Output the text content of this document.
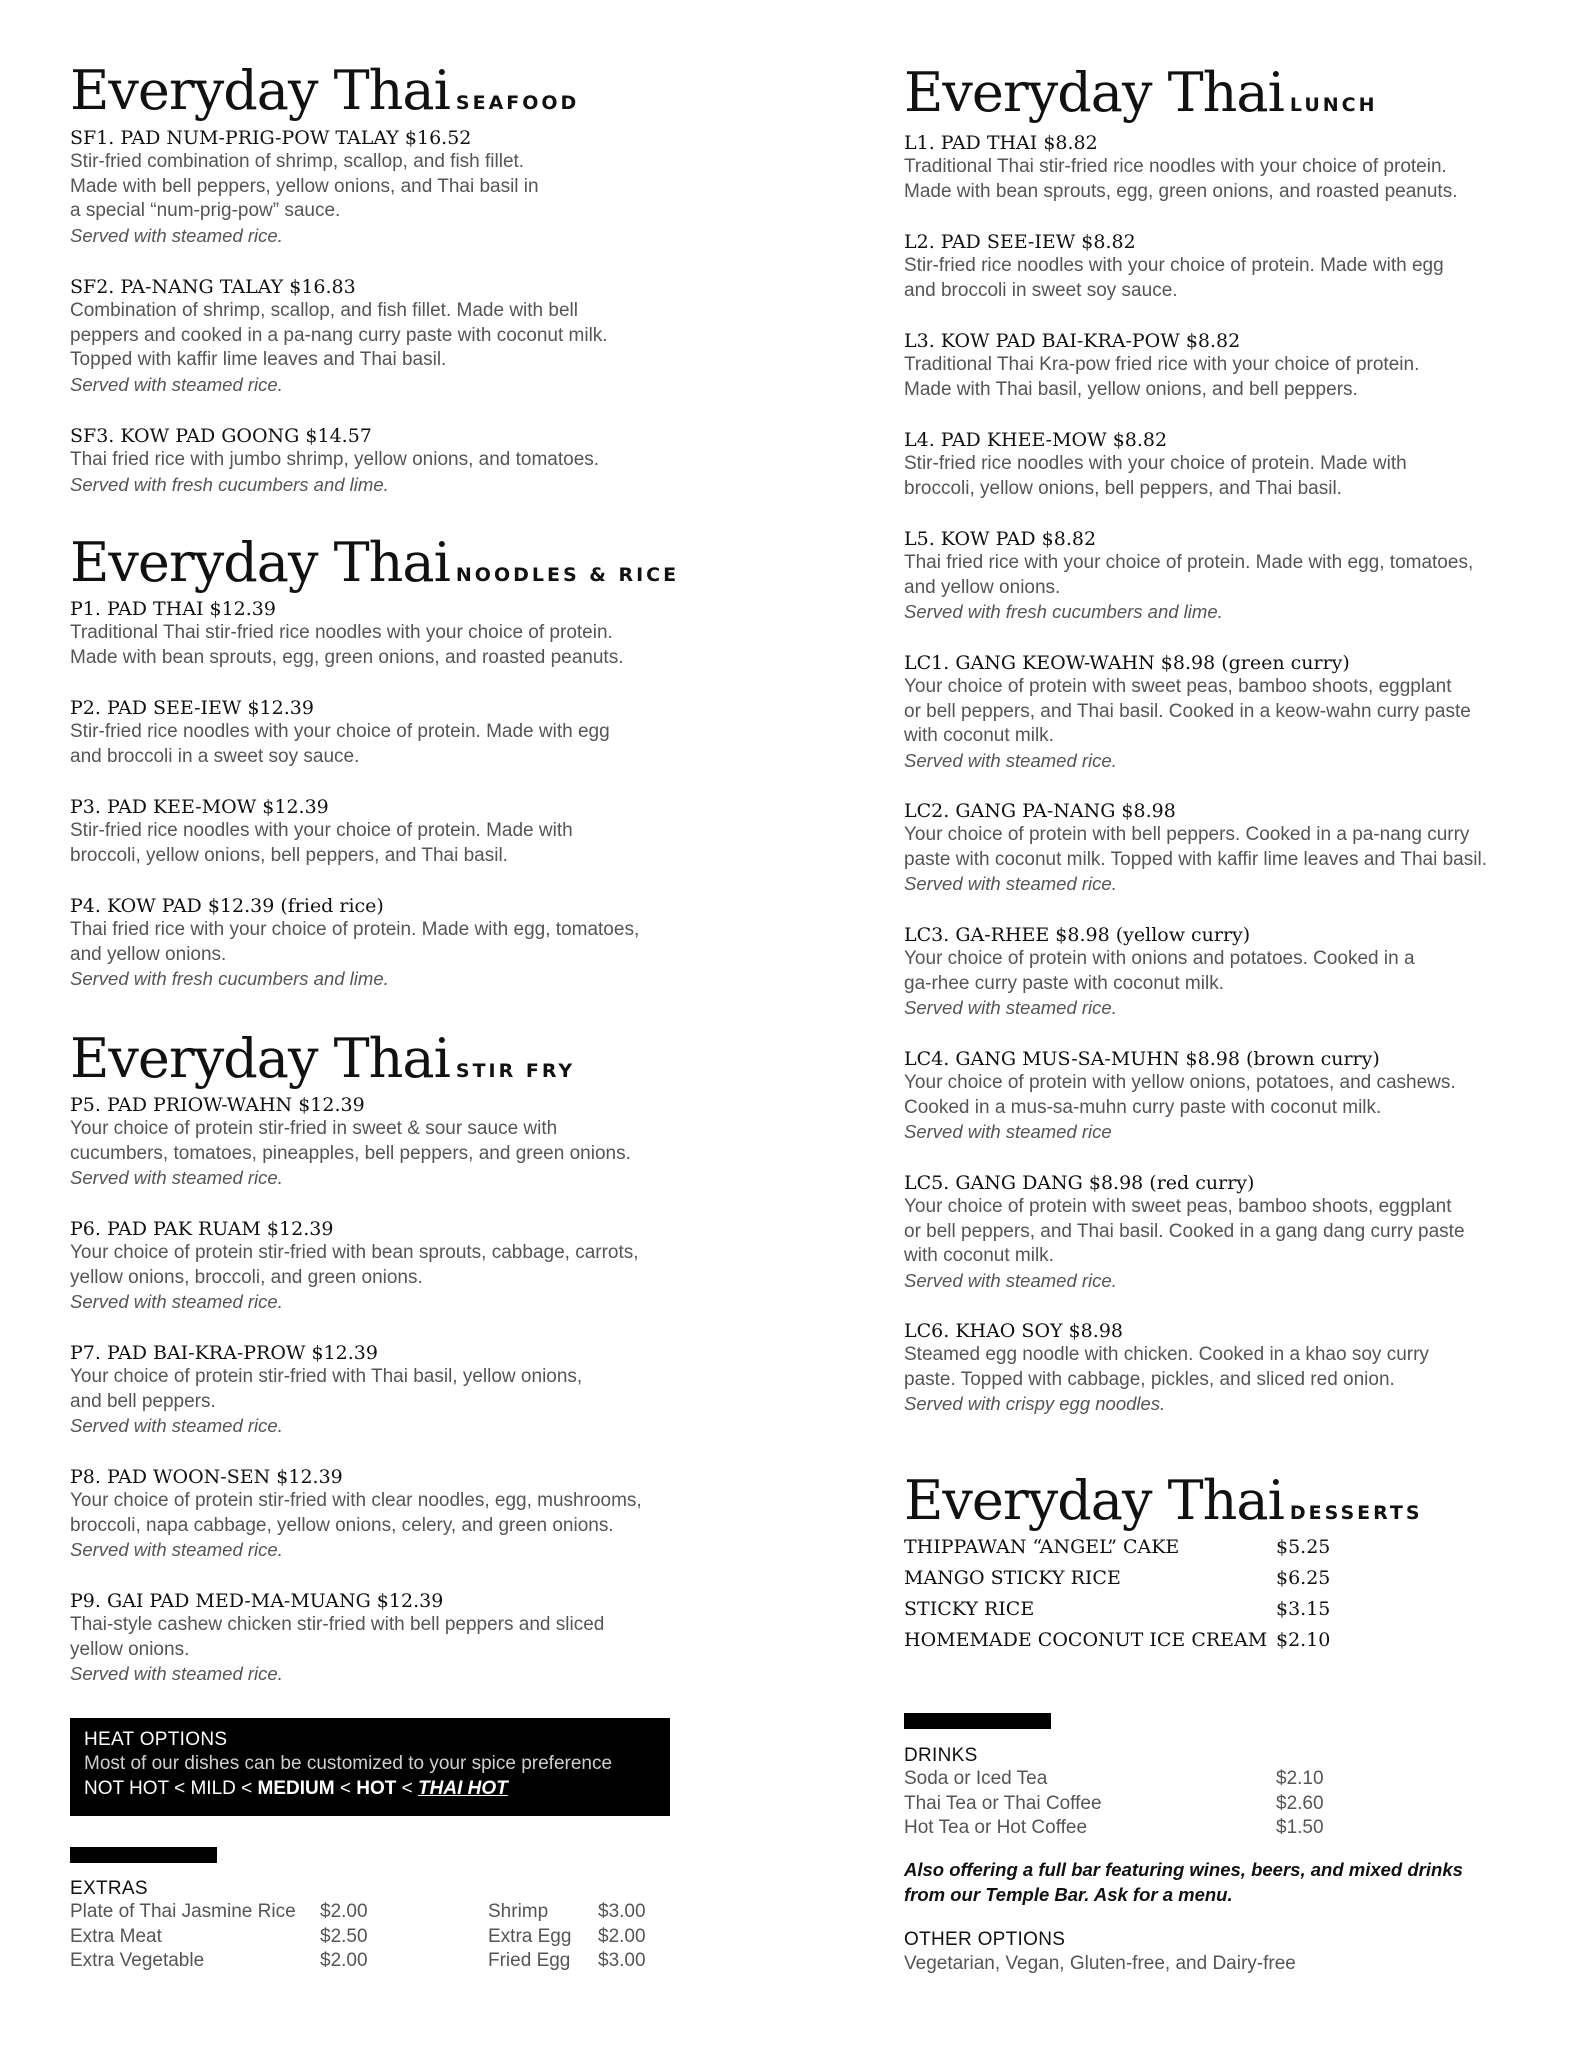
Everyday Thai SEAFOOD
SF1. PAD NUM-PRIG-POW TALAY $16.52
Stir-fried combination of shrimp, scallop, and fish fillet.
Made with bell peppers, yellow onions, and Thai basil in
a special “num-prig-pow” sauce.
Served with steamed rice.
SF2. PA-NANG TALAY $16.83
Combination of shrimp, scallop, and fish fillet. Made with bell
peppers and cooked in a pa-nang curry paste with coconut milk.
Topped with kaffir lime leaves and Thai basil.
Served with steamed rice.
SF3. KOW PAD GOONG $14.57
Thai fried rice with jumbo shrimp, yellow onions, and tomatoes.
Served with fresh cucumbers and lime.
Everyday Thai NOODLES & RICE
P1. PAD THAI $12.39
Traditional Thai stir-fried rice noodles with your choice of protein.
Made with bean sprouts, egg, green onions, and roasted peanuts.
P2. PAD SEE-IEW $12.39
Stir-fried rice noodles with your choice of protein. Made with egg
and broccoli in a sweet soy sauce.
P3. PAD KEE-MOW $12.39
Stir-fried rice noodles with your choice of protein. Made with
broccoli, yellow onions, bell peppers, and Thai basil.
P4. KOW PAD $12.39 (fried rice)
Thai fried rice with your choice of protein. Made with egg, tomatoes,
and yellow onions.
Served with fresh cucumbers and lime.
Everyday Thai STIR FRY
P5. PAD PRIOW-WAHN $12.39
Your choice of protein stir-fried in sweet & sour sauce with
cucumbers, tomatoes, pineapples, bell peppers, and green onions.
Served with steamed rice.
P6. PAD PAK RUAM $12.39
Your choice of protein stir-fried with bean sprouts, cabbage, carrots,
yellow onions, broccoli, and green onions.
Served with steamed rice.
P7. PAD BAI-KRA-PROW $12.39
Your choice of protein stir-fried with Thai basil, yellow onions,
and bell peppers.
Served with steamed rice.
P8. PAD WOON-SEN $12.39
Your choice of protein stir-fried with clear noodles, egg, mushrooms,
broccoli, napa cabbage, yellow onions, celery, and green onions.
Served with steamed rice.
P9. GAI PAD MED-MA-MUANG $12.39
Thai-style cashew chicken stir-fried with bell peppers and sliced
yellow onions.
Served with steamed rice.
HEAT OPTIONS
Most of our dishes can be customized to your spice preference
NOT HOT < MILD < MEDIUM < HOT < THAI HOT
EXTRAS
Plate of Thai Jasmine Rice $2.00	Shrimp	$3.00
Extra Meat	$2.50	Extra Egg $2.00
Extra Vegetable	$2.00	Fried Egg $3.00
Everyday Thai LUNCH
L1. PAD THAI $8.82
Traditional Thai stir-fried rice noodles with your choice of protein.
Made with bean sprouts, egg, green onions, and roasted peanuts.
L2. PAD SEE-IEW $8.82
Stir-fried rice noodles with your choice of protein. Made with egg
and broccoli in sweet soy sauce.
L3. KOW PAD BAI-KRA-POW $8.82
Traditional Thai Kra-pow fried rice with your choice of protein.
Made with Thai basil, yellow onions, and bell peppers.
L4. PAD KHEE-MOW $8.82
Stir-fried rice noodles with your choice of protein. Made with
broccoli, yellow onions, bell peppers, and Thai basil.
L5. KOW PAD $8.82
Thai fried rice with your choice of protein. Made with egg, tomatoes,
and yellow onions.
Served with fresh cucumbers and lime.
LC1. GANG KEOW-WAHN $8.98 (green curry)
Your choice of protein with sweet peas, bamboo shoots, eggplant
or bell peppers, and Thai basil. Cooked in a keow-wahn curry paste
with coconut milk.
Served with steamed rice.
LC2. GANG PA-NANG $8.98
Your choice of protein with bell peppers. Cooked in a pa-nang curry
paste with coconut milk. Topped with kaffir lime leaves and Thai basil.
Served with steamed rice.
LC3. GA-RHEE $8.98 (yellow curry)
Your choice of protein with onions and potatoes. Cooked in a
ga-rhee curry paste with coconut milk.
Served with steamed rice.
LC4. GANG MUS-SA-MUHN $8.98 (brown curry)
Your choice of protein with yellow onions, potatoes, and cashews.
Cooked in a mus-sa-muhn curry paste with coconut milk.
Served with steamed rice
LC5. GANG DANG $8.98 (red curry)
Your choice of protein with sweet peas, bamboo shoots, eggplant
or bell peppers, and Thai basil. Cooked in a gang dang curry paste
with coconut milk.
Served with steamed rice.
LC6. KHAO SOY $8.98
Steamed egg noodle with chicken. Cooked in a khao soy curry
paste. Topped with cabbage, pickles, and sliced red onion.
Served with crispy egg noodles.
Everyday Thai DESSERTS
THIPPAWAN “ANGEL” CAKE	$5.25
MANGO STICKY RICE	$6.25
STICKY RICE	$3.15
HOMEMADE COCONUT ICE CREAM $2.10
DRINKS
Soda or Iced Tea	$2.10
Thai Tea or Thai Coffee	$2.60
Hot Tea or Hot Coffee	$1.50
Also offering a full bar featuring wines, beers, and mixed drinks
from our Temple Bar. Ask for a menu.
OTHER OPTIONS
Vegetarian, Vegan, Gluten-free, and Dairy-free
